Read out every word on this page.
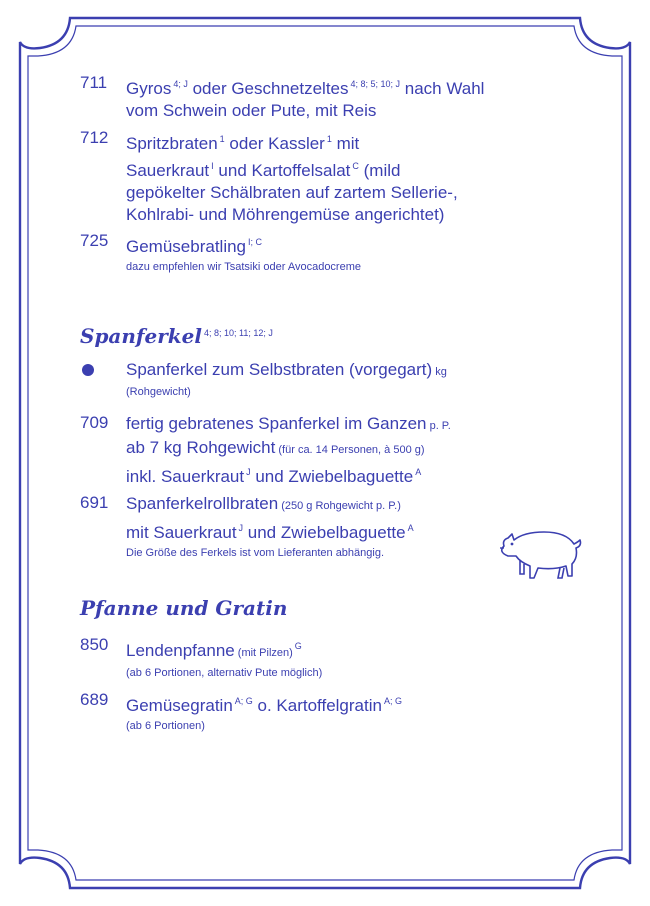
711 Gyros $^{4; J}$ oder Geschnetzeltes $^{4; 8; 5; 10; J}$ nach Wahl
vom Schwein oder Pute, mit Reis
712 Spritzbraten $^1$ oder Kassler $^1$ mit
Sauerkraut $^I$ und Kartoffelsalat $^C$ (mild
gepökelter Schälbraten auf zartem Sellerie-,
Kohlrabi- und Möhrengemüse angerichtet)
725 Gemüsebratling $^{I; C}$
dazu empfehlen wir Tsatsiki oder Avocadocreme
Spanferkel $^{4; 8; 10; 11; 12; J}$
Spanferkel zum Selbstbraten (vorgegart) kg
(Rohgewicht)
709 fertig gebratenes Spanferkel im Ganzen p. P.
ab 7 kg Rohgewicht (für ca. 14 Personen, à 500 g)
inkl. Sauerkraut $^J$ und Zwiebelbaguette $^A$
691 Spanferkelrollbraten (250 g Rohgewicht p. P.)
mit Sauerkraut $^J$ und Zwiebelbaguette $^A$
Die Größe des Ferkels ist vom Lieferanten abhängig.
Pfanne und Gratin
850 Lendenpfanne (mit Pilzen)$^G$
(ab 6 Portionen, alternativ Pute möglich)
689 Gemüsegratin $^{A; G}$ o. Kartoffelgratin $^{A; G}$
(ab 6 Portionen)
